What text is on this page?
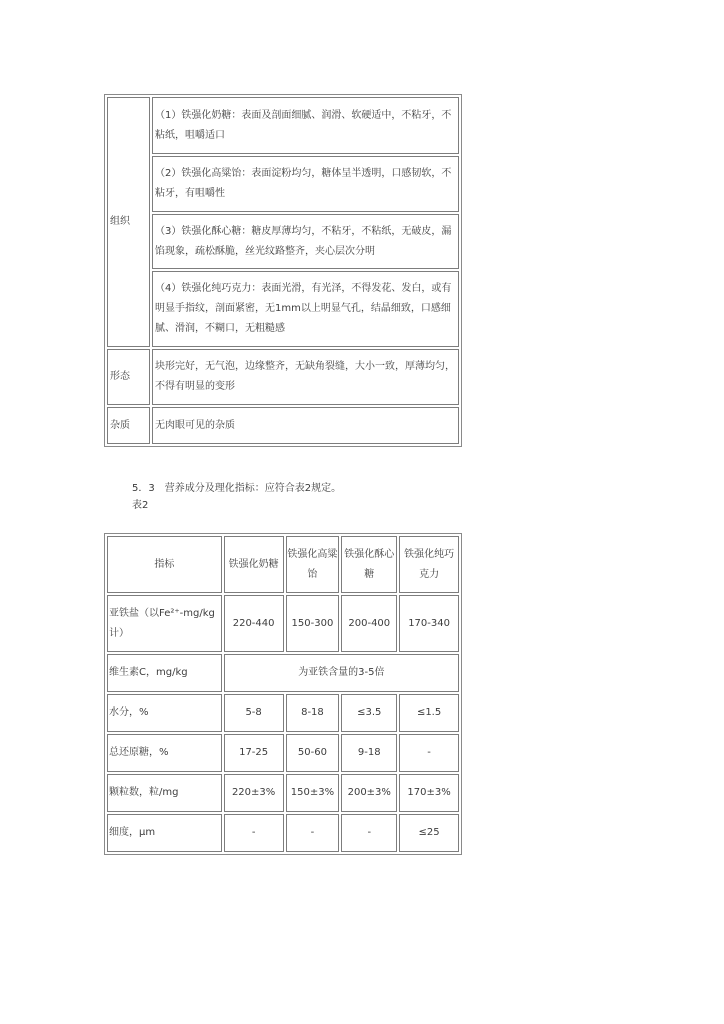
组织	（1）铁强化奶糖：表面及剖面细腻、润滑、软硬适中，不粘牙，不粘纸，咀嚼适口
	（2）铁强化高粱饴：表面淀粉均匀，糖体呈半透明，口感韧软，不粘牙，有咀嚼性
	（3）铁强化酥心糖：糖皮厚薄均匀，不粘牙，不粘纸，无破皮，漏馅现象，疏松酥脆，丝光纹路整齐，夹心层次分明
	（4）铁强化纯巧克力：表面光滑，有光泽，不得发花、发白，或有明显手指纹，剖面紧密，无1mm以上明显气孔，结晶细致，口感细腻、滑润，不糊口，无粗糙感
形态	块形完好，无气泡，边缘整齐，无缺角裂缝，大小一致，厚薄均匀，不得有明显的变形
杂质	无肉眼可见的杂质
5．3　营养成分及理化指标：应符合表2规定。
表2
指标	铁强化奶糖	铁强化高粱饴	铁强化酥心糖	铁强化纯巧克力
亚铁盐（以Fe²⁺-mg/kg计）	220-440	150-300	200-400	170-340
维生素C，mg/kg	为亚铁含量的3-5倍			
水分，%	5-8	8-18	≤3.5	≤1.5
总还原糖，%	17-25	50-60	9-18	-
颗粒数，粒/mg	220±3%	150±3%	200±3%	170±3%
细度，μm	-	-	-	≤25
